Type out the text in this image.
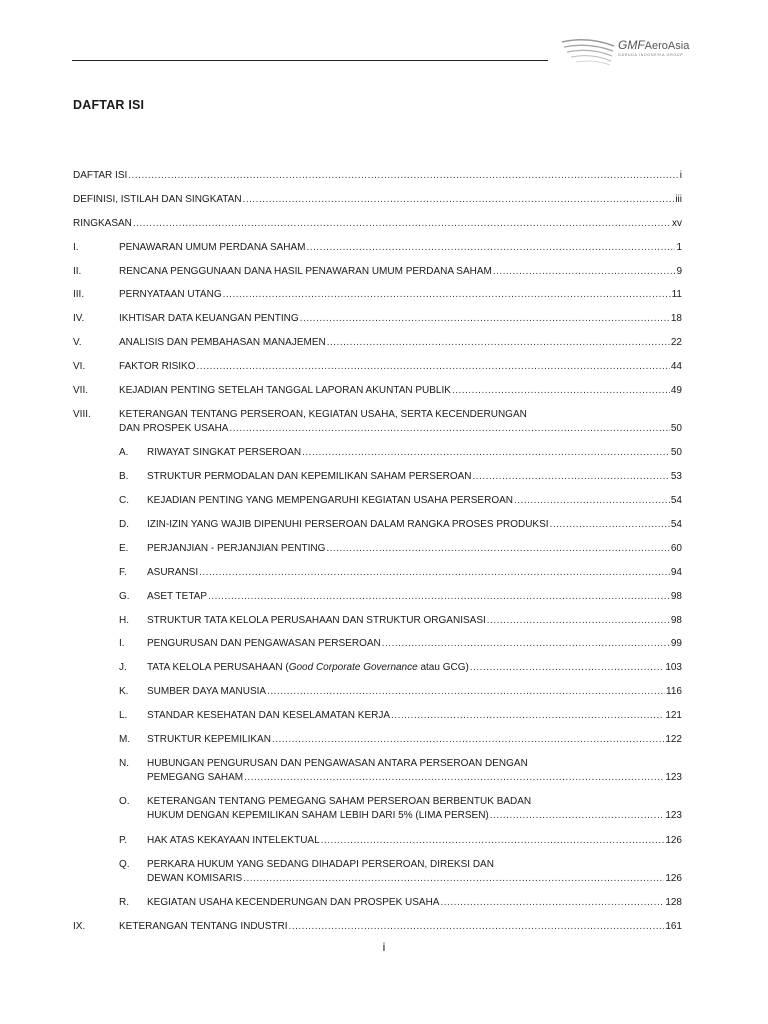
GMFAeroAsia
GARUDA INDONESIA GROUP
DAFTAR ISI
DAFTAR ISI .....	i
DEFINISI, ISTILAH DAN SINGKATAN .....	iii
RINGKASAN .....	xv
I.	PENAWARAN UMUM PERDANA SAHAM .....	1
II.	RENCANA PENGGUNAAN DANA HASIL PENAWARAN UMUM PERDANA SAHAM .....	9
III.	PERNYATAAN UTANG .....	11
IV.	IKHTISAR DATA KEUANGAN PENTING .....	18
V.	ANALISIS DAN PEMBAHASAN MANAJEMEN .....	22
VI.	FAKTOR RISIKO .....	44
VII.	KEJADIAN PENTING SETELAH TANGGAL LAPORAN AKUNTAN PUBLIK .....	49
VIII.	KETERANGAN TENTANG PERSEROAN, KEGIATAN USAHA, SERTA KECENDERUNGAN
DAN PROSPEK USAHA .....	50
A. RIWAYAT SINGKAT PERSEROAN .....	50
B. STRUKTUR PERMODALAN DAN KEPEMILIKAN SAHAM PERSEROAN .....	53
C. KEJADIAN PENTING YANG MEMPENGARUHI KEGIATAN USAHA PERSEROAN .....	54
D. IZIN-IZIN YANG WAJIB DIPENUHI PERSEROAN DALAM RANGKA PROSES PRODUKSI .....	54
E. PERJANJIAN - PERJANJIAN PENTING .....	60
F. ASURANSI .....	94
G. ASET TETAP .....	98
H. STRUKTUR TATA KELOLA PERUSAHAAN DAN STRUKTUR ORGANISASI .....	98
I. PENGURUSAN DAN PENGAWASAN PERSEROAN .....	99
J. TATA KELOLA PERUSAHAAN (Good Corporate Governance atau GCG) .....	103
K. SUMBER DAYA MANUSIA .....	116
L. STANDAR KESEHATAN DAN KESELAMATAN KERJA .....	121
M. STRUKTUR KEPEMILIKAN .....	122
N. HUBUNGAN PENGURUSAN DAN PENGAWASAN ANTARA PERSEROAN DENGAN
PEMEGANG SAHAM .....	123
O. KETERANGAN TENTANG PEMEGANG SAHAM PERSEROAN BERBENTUK BADAN
HUKUM DENGAN KEPEMILIKAN SAHAM LEBIH DARI 5% (LIMA PERSEN) .....	123
P. HAK ATAS KEKAYAAN INTELEKTUAL .....	126
Q. PERKARA HUKUM YANG SEDANG DIHADAPI PERSEROAN, DIREKSI DAN
DEWAN KOMISARIS .....	126
R. KEGIATAN USAHA KECENDERUNGAN DAN PROSPEK USAHA .....	128
IX.	KETERANGAN TENTANG INDUSTRI .....	161
i
